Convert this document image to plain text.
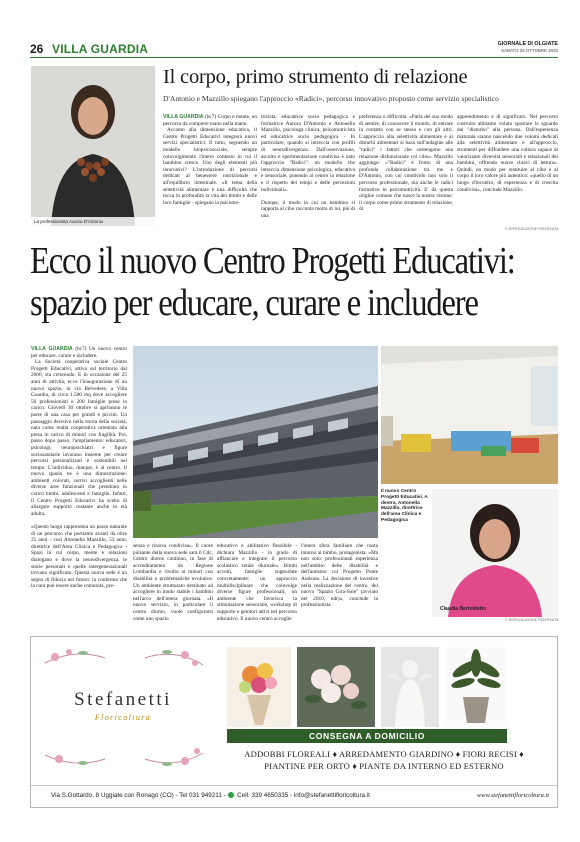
26 VILLA GUARDIA	GIORNALE DI OLGIATE
SABATO 25 OTTOBRE 2025
La professionista Aurora D'Antonio
Il corpo, primo strumento di relazione
D'Antonio e Mazzillo spiegano l'approccio «Radici», percorso innovativo proposto come servizio specialistico
VILLA GUARDIA (bc7) Corpo e mente, un percorso da compiere mano nella mano.
Accanto alla dimensione educativa, il Centro Progetti Educativi integrerà nuovi servizi specialistici. Il tutto, seguendo un modello biopsicosociale, sempre coinvolgimento l'intero contesto in cui il bambino cresce. Uno degli elementi più innovativi? L'introduzione di percorsi dedicati al benessere nutrizionale e all'equilibrio intestinale. «Il tema della selettività alimentare è una difficoltà che tocca in profondità la vita dei bimbi e delle loro famiglie - spiegano la psicomo-
tricista, educatrice socio pedagogica e formatrice Aurora D'Antonio e Antonella Mazzillo, psicologa clinica, psicomotricista ed educatrice socio pedagogica - In particolare, quando si intreccia con profili di neurodivergenza. Dall'osservazione, ascolto e sperimentazione condivisa è nato l'approccio "Radici": un modello che intreccia dimensione psicologica, educativa e sensoriale, ponendo al centro la relazione e il rispetto dei tempi e delle percezioni individuali».

Dunque, il modo in cui un bambino si rapporta al cibo racconta molto di lui, più di una
preferenza o difficoltà. «Parla del suo modo di sentire, di conoscere il mondo, di entrare in contatto con se stesso e con gli altri. L'approccio alla selettività alimentare e ai disturbi alimentari si basa sull'indagine alle "radici" i fattori che sostengono una relazione disfunzionale col cibo». Mazzillo aggiunge: «"Radici" è frutto di una profonda collaborazione tra me e D'Antonio, con cui condivido non solo il percorso professionale, ma anche le radici formative in psicomotricità. E' da questa origine comune che nasce la nostra visione: il corpo come primo strumento di relazione, di
apprendimento e di significato. Nel percorso costruito abbiamo voluto spostare lo sguardo dal "disturbo" alla persona. Dall'esperienza maturata stanno nascendo due volumi dedicati alla selettività alimentare e all'approccio, strumenti per diffondere una cultura capace di valorizzare diversità sensoriali e relazionali del bambini, offrendo nuove chiavi di lettura». Quindi, un modo per restituire al cibo e al corpo il loro valore più autentico: «quello di un luogo d'incontro, di esperienza e di crescita condivisa», conclude Mazzillo.
© RIPRODUZIONE RISERVATA
Ecco il nuovo Centro Progetti Educativi:
spazio per educare, curare e includere
VILLA GUARDIA (bc7) Un nuovo centro per educare, curare e includere.
La Società cooperativa sociale Centro Progetti Educativi, attiva sul territorio dal 2000, sta crescendo. E in occasione del 25 anni di attività, ecco l'inaugurazione di un nuovo spazio, in via Belvedere, a Villa Guardia, di circa 1.500 mq dove accogliere 50 professionisti e 200 famiglie prese in carico. Giovedì 30 ottobre si apriranno le porte di una casa per grandi e piccini. Un passaggio decisivo nella storia della società, nata come realtà cooperativa orientata alla presa in carico di minori con fragilità. Poi, passo dopo passo, l'ampliamento: educatori, psicologi, neuropsichiatri e figure sociosanitarie lavorano insieme per creare percorsi personalizzati e sostenibili nel tempo. L'individuo, dunque, è al centro. Il nuovo spazio ne è una dimostrazione: ambienti colorati, sorrisi accoglienti nelle diverse aree funzionali che prendono in carico bimbi, adolescenti e famiglie. Infatti, il Centro Progetti Educativi ha scelto di allargare supporto costante anche in età adulta.

«Questo luogo rappresenta un passo naturale di un percorso che portiamo avanti da oltre 25 anni - così Antonella Mazzillo, 53 anni, direttrice dell'Area Clinica e Pedagogica - Spazi in cui corpo, mente e relazioni dialogano e dove la neurodivergenza, le storie personali e quelle intergenerazionali trovano significato. Questa nuova sede è un segno di fiducia nel futuro: la conferma che la cura può essere anche comunità, pre-
Il nuovo Centro Progetti Educativi. A destra, Antonella Mazzillo, direttrice dell'area Clinica e Pedagogica
Claudia Bertoldetto
© RIPRODUZIONE RISERVATA
senza e risorsa condivisa». Il cuore pulsante della nuova sede sarà il Cdc, Centro diurno continuo, in fase di accreditamento da Regione Lombardia e rivolto ai minori con disabilità o problematiche evolutive. Un ambiente strutturato destinato ad accogliere in modo stabile i bambini nell'arco dell'intera giornata. «Il nuovo servizio, in particolare il centro diurno, vuole configurarsi come uno spazio
educativo e abilitativo flessibile - dichiara Mazzillo - in grado di affiancare e integrare il percorso scolastico totale diurnale». Bimbi accolti, famiglie supportate concretamente: un approccio multidisciplinare che coinvolge diverse figure professionali, un ambiente che favorisca la stimolazione sensoriale, workshop di supporto e genitori attivi nel percorso educativo. Il nuovo centro accoglie
l'intera sfera familiare che ruota intorno al bimbo, protagonista. «Ma non solo: professionali esperienza nell'ambito delle disabilità e dell'autismo col Progetto Ponte Autismo. La decisione di investire nella realizzazione del centro, del nuovo "Spazio Gira-Sole" (avviato nel 2010, ndr)», conclude la professionista.
Stefanetti
Floricoltura
CONSEGNA A DOMICILIO
ADDOBBI FLOREALI ♦ ARREDAMENTO GIARDINO ♦ FIORI RECISI ♦
PIANTINE PER ORTO ♦ PIANTE DA INTERNO ED ESTERNO
Via S.Gottardo, 8 Uggiate con Ronago (CO) - Tel 031 949211 -  Cell. 339 4650335 - info@stefanettifloricoltura.it	www.stefanettifloricoltura.it
